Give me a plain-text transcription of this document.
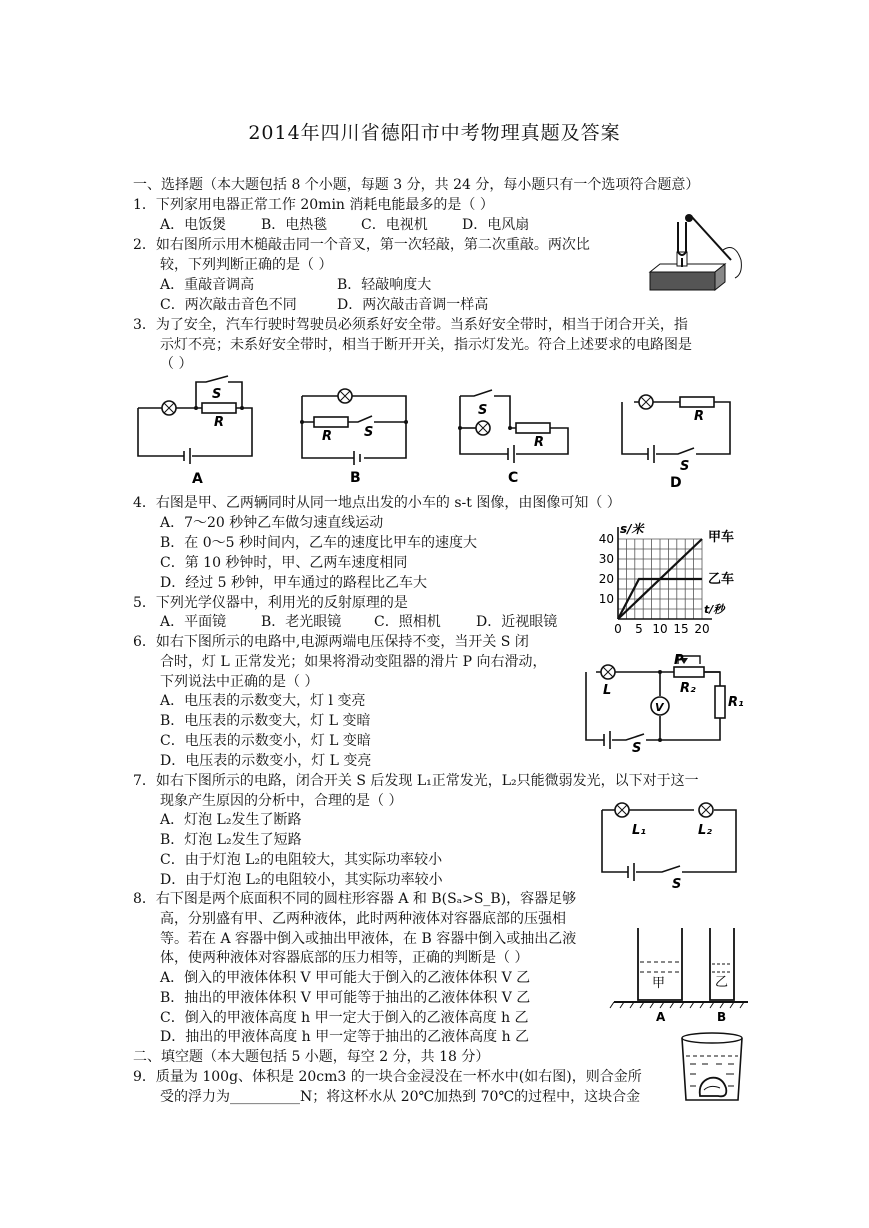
2014年四川省德阳市中考物理真题及答案
一、选择题（本大题包括 8 个小题，每题 3 分，共 24 分，每小题只有一个选项符合题意）
1．下列家用电器正常工作 20min 消耗电能最多的是（ ）
A．电饭煲 B．电热毯 C．电视机 D．电风扇
2．如右图所示用木槌敲击同一个音叉，第一次轻敲，第二次重敲。两次比
较，下列判断正确的是（ ）
A．重敲音调高	B．轻敲响度大
C．两次敲击音色不同	D．两次敲击音调一样高
3．为了安全，汽车行驶时驾驶员必须系好安全带。当系好安全带时，相当于闭合开关，指
示灯不亮；未系好安全带时，相当于断开开关，指示灯发光。符合上述要求的电路图是
（ ）
S
R
A
R S
B
S
R
C
R
S
D
4．右图是甲、乙两辆同时从同一地点出发的小车的 s-t 图像，由图像可知（ ）
A．7～20 秒钟乙车做匀速直线运动
B．在 0～5 秒时间内，乙车的速度比甲车的速度大
C．第 10 秒钟时，甲、乙两车速度相同
D．经过 5 秒钟，甲车通过的路程比乙车大
s/米
t/秒
0 5 10 15 20
10
20
30
40	甲车
乙车
5．下列光学仪器中，利用光的反射原理的是
A．平面镜 B．老光眼镜 C．照相机	D．近视眼镜
6．如右下图所示的电路中,电源两端电压保持不变，当开关 S 闭
合时，灯 L 正常发光；如果将滑动变阻器的滑片 P 向右滑动，
下列说法中正确的是（ ）
A．电压表的示数变大，灯 l 变亮
B．电压表的示数变大，灯 L 变暗
C．电压表的示数变小，灯 L 变暗
D．电压表的示数变小，灯 L 变亮
P
L	R₂
R₁
V
S
7．如右下图所示的电路，闭合开关 S 后发现 L₁正常发光，L₂只能微弱发光，以下对于这一
现象产生原因的分析中，合理的是（ ）
A．灯泡 L₂发生了断路
B．灯泡 L₂发生了短路
C．由于灯泡 L₂的电阻较大，其实际功率较小
D．由于灯泡 L₂的电阻较小，其实际功率较小
L₁	L₂
S
8．右下图是两个底面积不同的圆柱形容器 A 和 B(Sₐ>S_B)，容器足够
高，分别盛有甲、乙两种液体，此时两种液体对容器底部的压强相
等。若在 A 容器中倒入或抽出甲液体，在 B 容器中倒入或抽出乙液
体，使两种液体对容器底部的压力相等，正确的判断是（ ）
A．倒入的甲液体体积 V 甲可能大于倒入的乙液体体积 V 乙
B．抽出的甲液体体积 V 甲可能等于抽出的乙液体体积 V 乙
C．倒入的甲液体高度 h 甲一定大于倒入的乙液体高度 h 乙
D．抽出的甲液体高度 h 甲一定等于抽出的乙液体高度 h 乙
甲	乙
A	B
二、填空题（本大题包括 5 小题，每空 2 分，共 18 分）
9．质量为 100g、体积是 20cm3 的一块合金浸没在一杯水中(如右图)，则合金所
受的浮力为__________N；将这杯水从 20℃加热到 70℃的过程中，这块合金
